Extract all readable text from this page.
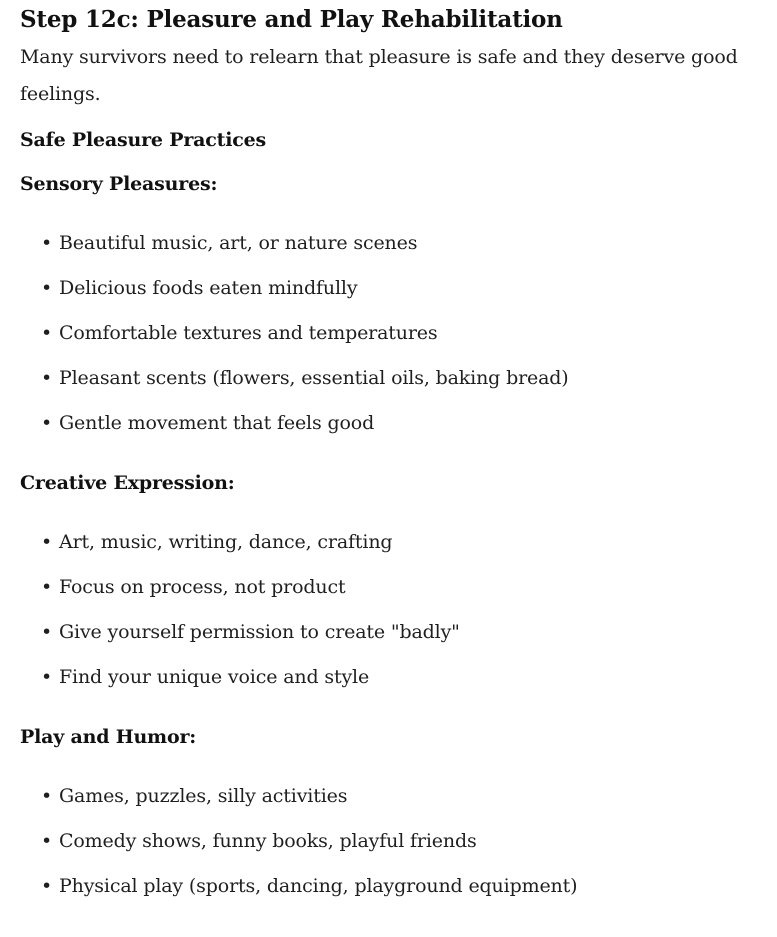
Step 12c: Pleasure and Play Rehabilitation

Many survivors need to relearn that pleasure is safe and they deserve good feelings.

Safe Pleasure Practices
Sensory Pleasures:
• Beautiful music, art, or nature scenes
• Delicious foods eaten mindfully
• Comfortable textures and temperatures
• Pleasant scents (flowers, essential oils, baking bread)
• Gentle movement that feels good
Creative Expression:
• Art, music, writing, dance, crafting
• Focus on process, not product
• Give yourself permission to create "badly"
• Find your unique voice and style
Play and Humor:
• Games, puzzles, silly activities
• Comedy shows, funny books, playful friends
• Physical play (sports, dancing, playground equipment)
